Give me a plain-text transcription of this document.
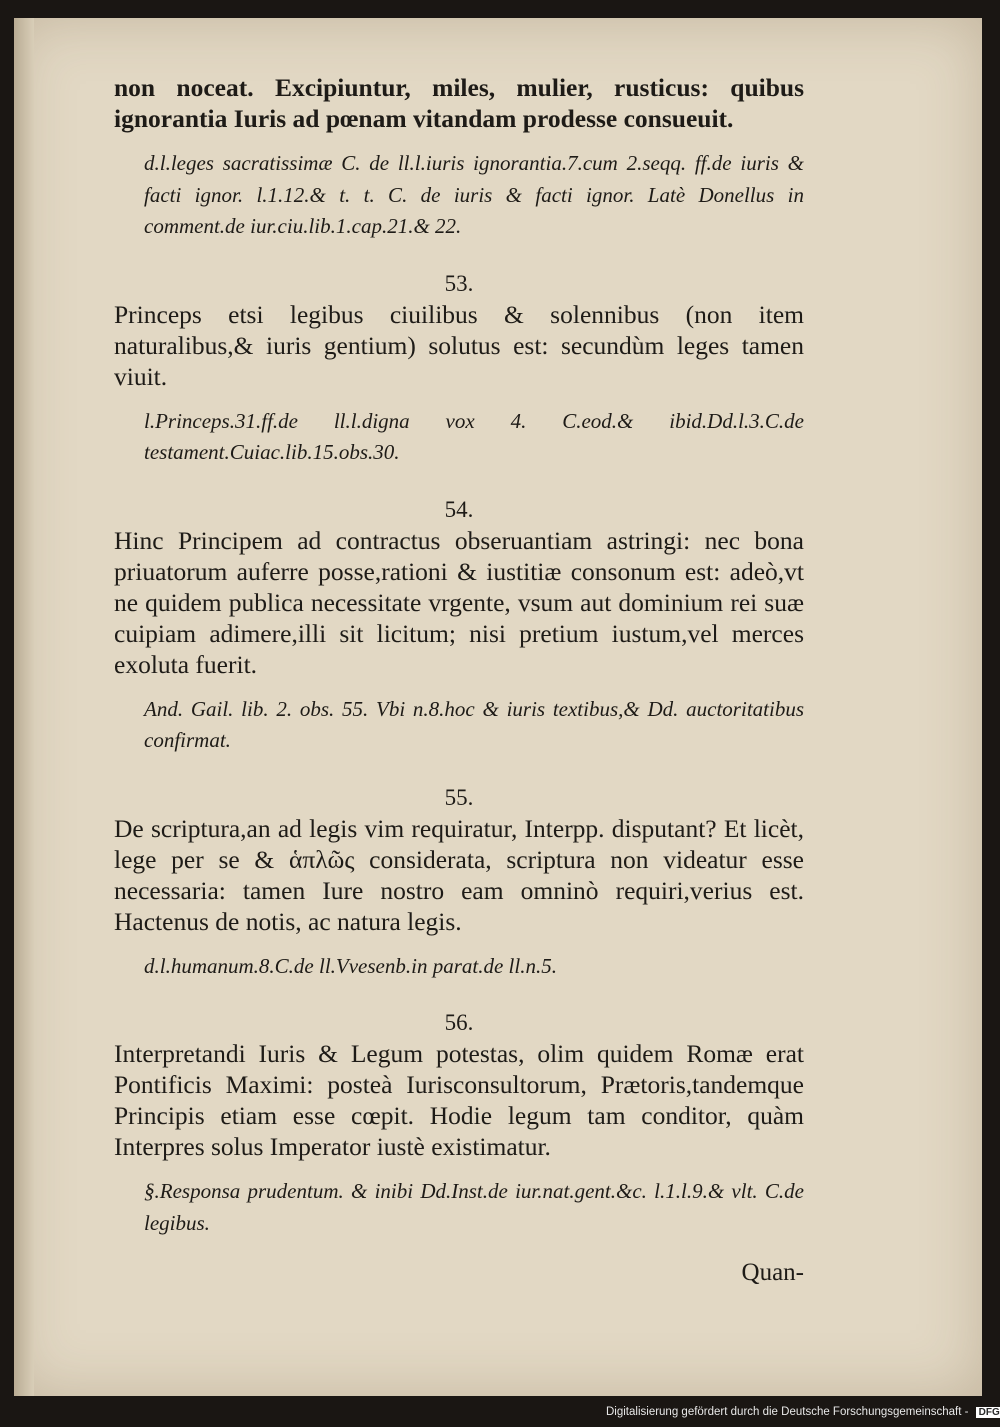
non noceat. Excipiuntur, miles, mulier, rusticus: quibus ignorantia Iuris ad pœnam vitandam prodesse consueuit.

d.l.leges sacratissimæ C. de ll.l.iuris ignorantia.7.cum 2.seqq. ff.de iuris & facti ignor. l.1.12.& t. t. C. de iuris & facti ignor. Latè Donellus in comment.de iur.ciu.lib.1.cap.21.& 22.

53.

Princeps etsi legibus ciuilibus & solennibus (non item naturalibus,& iuris gentium) solutus est: secundùm leges tamen viuit.

l.Princeps.31.ff.de ll.l.digna vox 4. C.eod.& ibid.Dd.l.3.C.de testament.Cuiac.lib.15.obs.30.

54.

Hinc Principem ad contractus obseruantiam astringi: nec bona priuatorum auferre posse,rationi & iustitiæ consonum est: adeò,vt ne quidem publica necessitate vrgente, vsum aut dominium rei suæ cuipiam adimere,illi sit licitum; nisi pretium iustum,vel merces exoluta fuerit.

And. Gail. lib. 2. obs. 55. Vbi n.8.hoc & iuris textibus,& Dd. auctoritatibus confirmat.

55.

De scriptura,an ad legis vim requiratur, Interpp. disputant? Et licèt, lege per se & ἁπλῶς considerata, scriptura non videatur esse necessaria: tamen Iure nostro eam omninò requiri,verius est. Hactenus de notis, ac natura legis.

d.l.humanum.8.C.de ll.Vvesenb.in parat.de ll.n.5.

56.

Interpretandi Iuris & Legum potestas, olim quidem Romæ erat Pontificis Maximi: posteà Iurisconsultorum, Prætoris,tandemque Principis etiam esse cœpit. Hodie legum tam conditor, quàm Interpres solus Imperator iustè existimatur.

§.Responsa prudentum. & inibi Dd.Inst.de iur.nat.gent.&c. l.1.l.9.& vlt. C.de legibus.

Quan-
Digitalisierung gefördert durch die Deutsche Forschungsgemeinschaft - DFG
